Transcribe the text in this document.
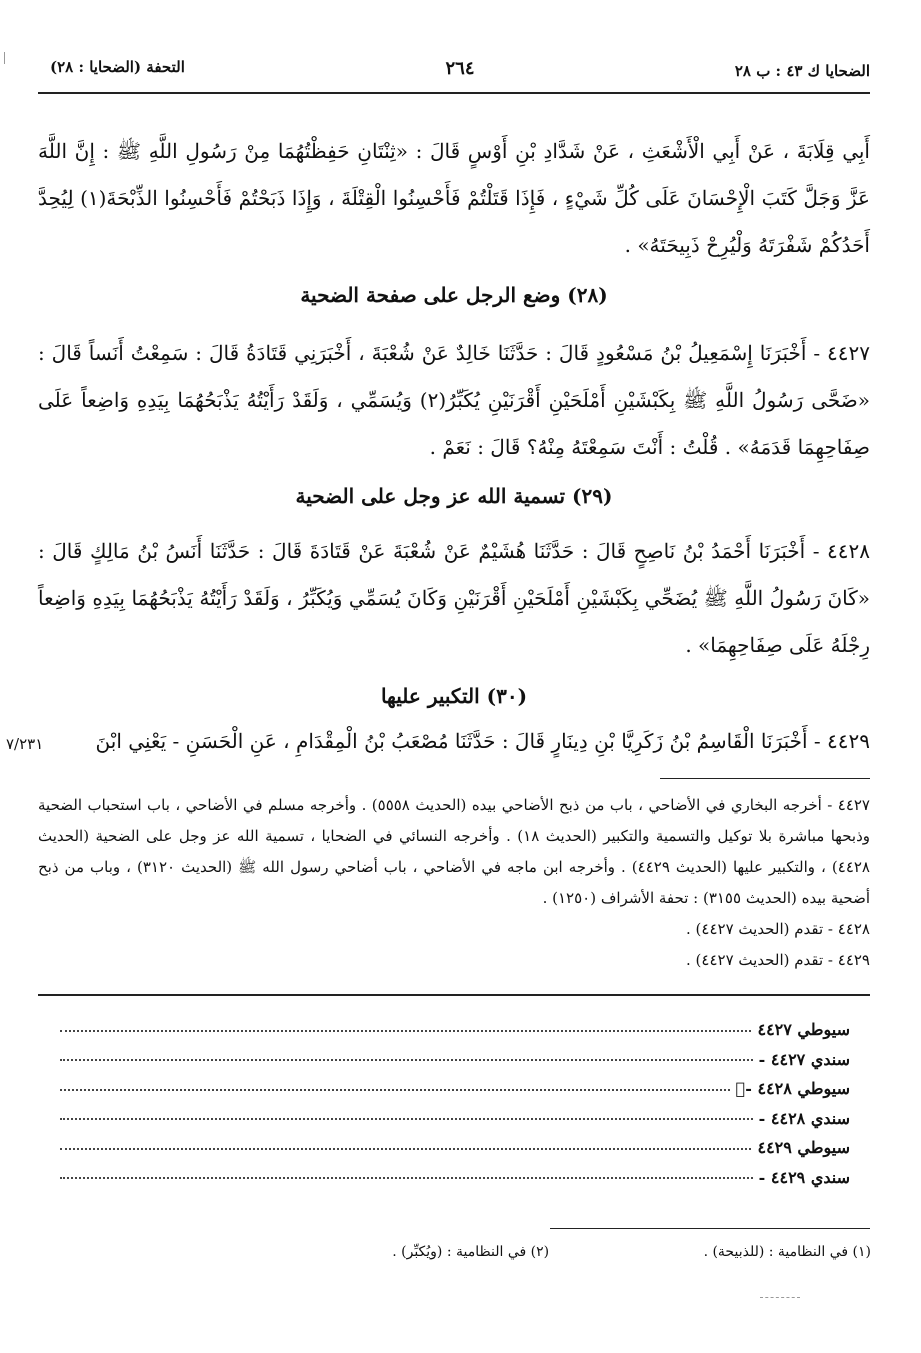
الضحايا ك ٤٣ : ب ٢٨
٢٦٤
التحفة (الضحايا : ٢٨)
أَبِي قِلَابَةَ ، عَنْ أَبِي الْأَشْعَثِ ، عَنْ شَدَّادِ بْنِ أَوْسٍ قَالَ : «ثِنْتَانِ حَفِظْتُهُمَا مِنْ رَسُولِ اللَّهِ ﷺ : إِنَّ اللَّهَ عَزَّ وَجَلَّ كَتَبَ الْإِحْسَانَ عَلَى كُلِّ شَيْءٍ ، فَإِذَا قَتَلْتُمْ فَأَحْسِنُوا الْقِتْلَةَ ، وَإِذَا ذَبَحْتُمْ فَأَحْسِنُوا الذِّبْحَةَ(١) لِيُحِدَّ أَحَدُكُمْ شَفْرَتَهُ وَلْيُرِحْ ذَبِيحَتَهُ» .
(٢٨) وضع الرجل على صفحة الضحية
٤٤٢٧ - أَخْبَرَنَا إِسْمَعِيلُ بْنُ مَسْعُودٍ قَالَ : حَدَّثَنَا خَالِدٌ عَنْ شُعْبَةَ ، أَخْبَرَنِي قَتَادَةُ قَالَ : سَمِعْتُ أَنَساً قَالَ : «ضَحَّى رَسُولُ اللَّهِ ﷺ بِكَبْشَيْنِ أَمْلَحَيْنِ أَقْرَنَيْنِ يُكَبِّرُ(٢) وَيُسَمِّي ، وَلَقَدْ رَأَيْتُهُ يَذْبَحُهُمَا بِيَدِهِ وَاضِعاً عَلَى صِفَاحِهِمَا قَدَمَهُ» . قُلْتُ : أَنْتَ سَمِعْتَهُ مِنْهُ؟ قَالَ : نَعَمْ .
(٢٩) تسمية الله عز وجل على الضحية
٤٤٢٨ - أَخْبَرَنَا أَحْمَدُ بْنُ نَاصِحٍ قَالَ : حَدَّثَنَا هُشَيْمٌ عَنْ شُعْبَةَ عَنْ قَتَادَةَ قَالَ : حَدَّثَنَا أَنَسُ بْنُ مَالِكٍ قَالَ : «كَانَ رَسُولُ اللَّهِ ﷺ يُضَحِّي بِكَبْشَيْنِ أَمْلَحَيْنِ أَقْرَنَيْنِ وَكَانَ يُسَمِّي وَيُكَبِّرُ ، وَلَقَدْ رَأَيْتُهُ يَذْبَحُهُمَا بِيَدِهِ وَاضِعاً رِجْلَهُ عَلَى صِفَاحِهِمَا» .
(٣٠) التكبير عليها
٤٤٢٩ - أَخْبَرَنَا الْقَاسِمُ بْنُ زَكَرِيَّا بْنِ دِينَارٍ قَالَ : حَدَّثَنَا مُصْعَبُ بْنُ الْمِقْدَامِ ، عَنِ الْحَسَنِ - يَعْنِي ابْنَ
٧/٢٣١
٤٤٢٧ - أخرجه البخاري في الأضاحي ، باب من ذبح الأضاحي بيده (الحديث ٥٥٥٨) . وأخرجه مسلم في الأضاحي ، باب استحباب الضحية وذبحها مباشرة بلا توكيل والتسمية والتكبير (الحديث ١٨) . وأخرجه النسائي في الضحايا ، تسمية الله عز وجل على الضحية (الحديث ٤٤٢٨) ، والتكبير عليها (الحديث ٤٤٢٩) . وأخرجه ابن ماجه في الأضاحي ، باب أضاحي رسول الله ﷺ (الحديث ٣١٢٠) ، وباب من ذبح أضحية بيده (الحديث ٣١٥٥) : تحفة الأشراف (١٢٥٠) .
٤٤٢٨ - تقدم (الحديث ٤٤٢٧) .
٤٤٢٩ - تقدم (الحديث ٤٤٢٧) .
سيوطي ٤٤٢٧
سندي ٤٤٢٧ -
سيوطي ٤٤٢٨ -ْ
سندي ٤٤٢٨ -
سيوطي ٤٤٢٩
سندي ٤٤٢٩ -
(١) في النظامية : (للذبيحة) . (٢) في النظامية : (ويُكبِّر) .
